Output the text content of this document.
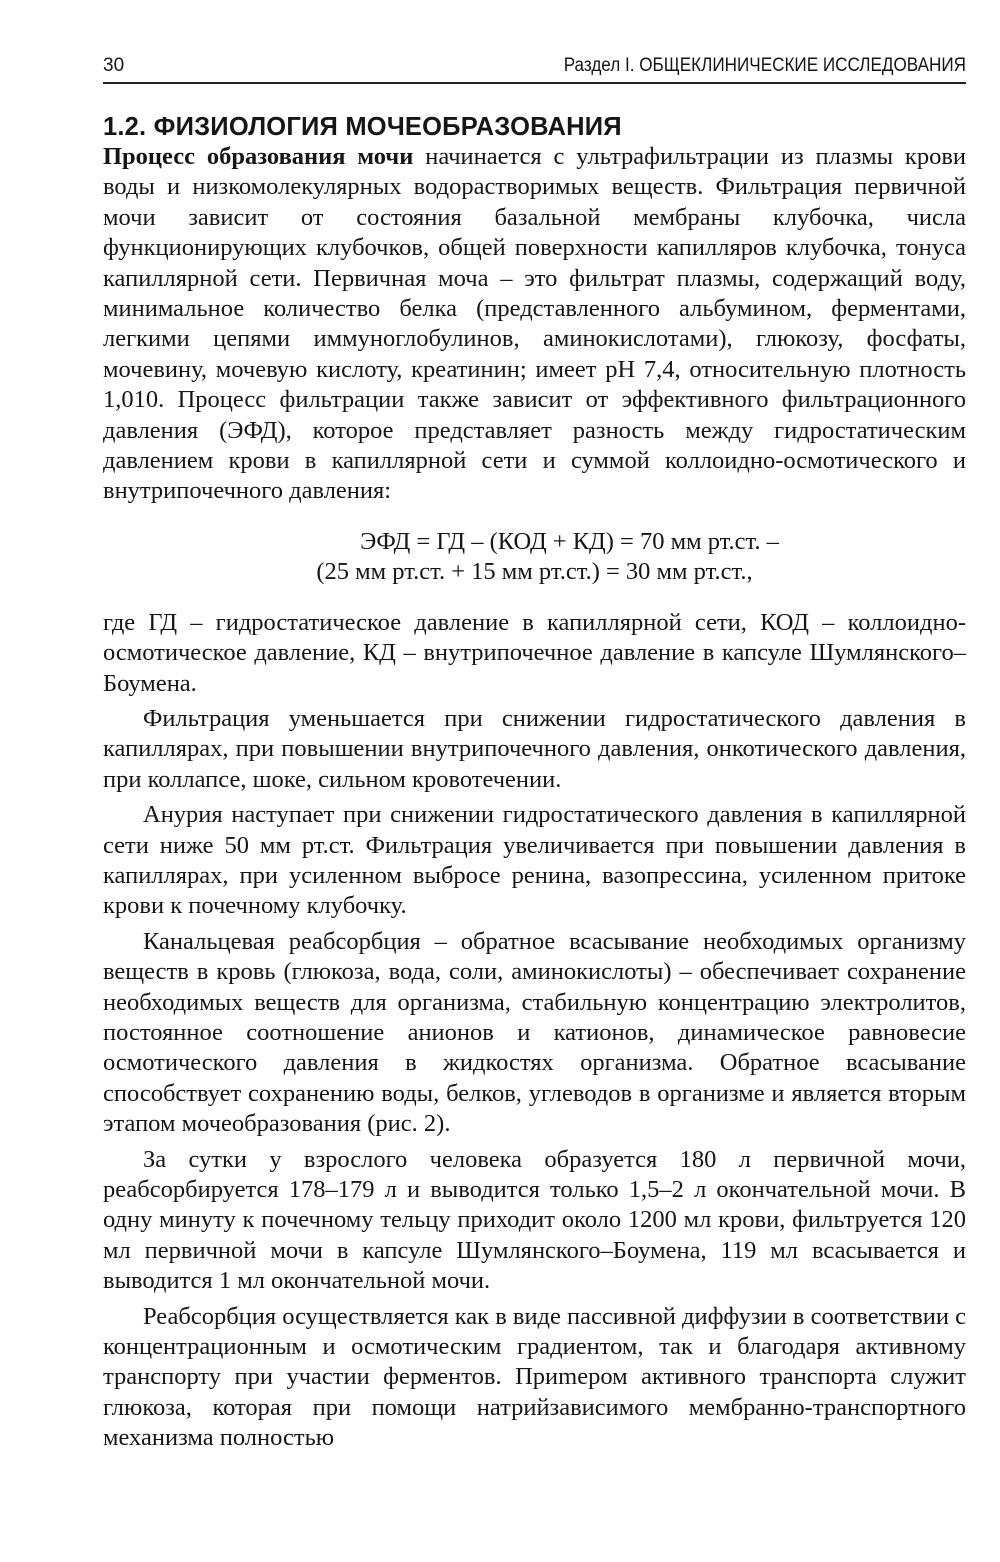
30	Раздел I. ОБЩЕКЛИНИЧЕСКИЕ ИССЛЕДОВАНИЯ
1.2. ФИЗИОЛОГИЯ МОЧЕОБРАЗОВАНИЯ

Процесс образования мочи начинается с ультрафильтрации из плазмы крови воды и низкомолекулярных водорастворимых веществ. Фильтрация первичной мочи зависит от состояния базальной мембраны клубочка, числа функционирующих клубочков, общей поверхности капилляров клубочка, тонуса капиллярной сети. Первичная моча – это фильтрат плазмы, содержащий воду, минимальное количество белка (представленного альбумином, ферментами, легкими цепями иммуноглобулинов, аминокислотами), глюкозу, фосфаты, мочевину, мочевую кислоту, креатинин; имеет pH 7,4, относительную плотность 1,010. Процесс фильтрации также зависит от эффективного фильтрационного давления (ЭФД), которое представляет разность между гидростатическим давлением крови в капиллярной сети и суммой коллоидно-осмотического и внутрипочечного давления:

ЭФД = ГД – (КОД + КД) = 70 мм рт.ст. –
(25 мм рт.ст. + 15 мм рт.ст.) = 30 мм рт.ст.,

где ГД – гидростатическое давление в капиллярной сети, КОД – коллоидно-осмотическое давление, КД – внутрипочечное давление в капсуле Шумлянского–Боумена.

Фильтрация уменьшается при снижении гидростатического давления в капиллярах, при повышении внутрипочечного давления, онкотического давления, при коллапсе, шоке, сильном кровотечении.

Анурия наступает при снижении гидростатического давления в капиллярной сети ниже 50 мм рт.ст. Фильтрация увеличивается при повышении давления в капиллярах, при усиленном выбросе ренина, вазопрессина, усиленном притоке крови к почечному клубочку.

Канальцевая реабсорбция – обратное всасывание необходимых организму веществ в кровь (глюкоза, вода, соли, аминокислоты) – обеспечивает сохранение необходимых веществ для организма, стабильную концентрацию электролитов, постоянное соотношение анионов и катионов, динамическое равновесие осмотического давления в жидкостях организма. Обратное всасывание способствует сохранению воды, белков, углеводов в организме и является вторым этапом мочеобразования (рис. 2).

За сутки у взрослого человека образуется 180 л первичной мочи, реабсорбируется 178–179 л и выводится только 1,5–2 л окончательной мочи. В одну минуту к почечному тельцу приходит около 1200 мл крови, фильтруется 120 мл первичной мочи в капсуле Шумлянского–Боумена, 119 мл всасывается и выводится 1 мл окончательной мочи.

Реабсорбция осуществляется как в виде пассивной диффузии в соответствии с концентрационным и осмотическим градиентом, так и благодаря активному транспорту при участии ферментов. Приmером активного транспорта служит глюкоза, которая при помощи натрийзависимого мембранно-транспортного механизма полностью
